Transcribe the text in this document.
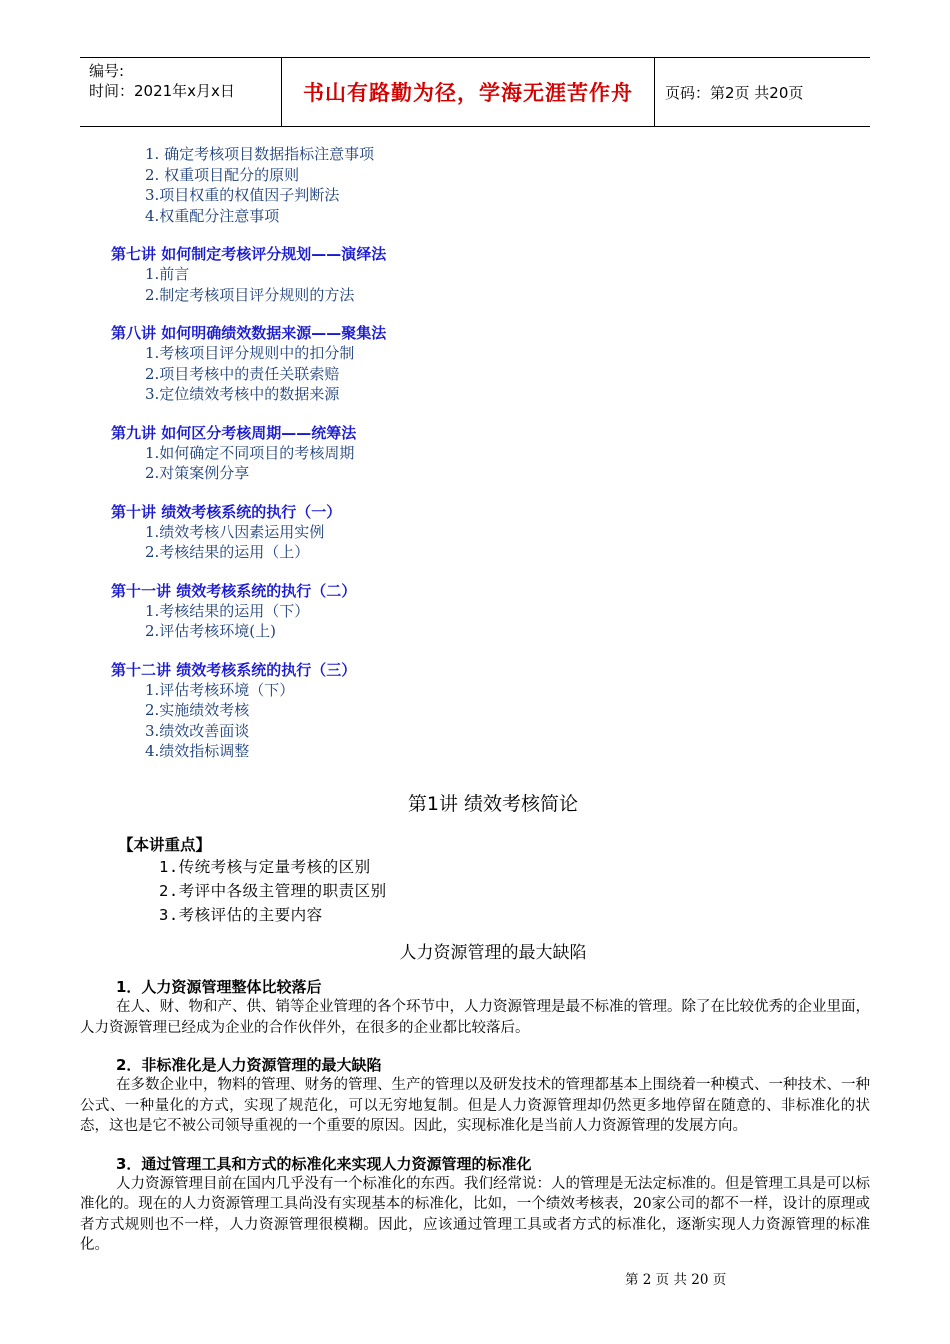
编号:
时间：2021年x月x日	书山有路勤为径，学海无涯苦作舟	页码：第2页 共20页
1. 确定考核项目数据指标注意事项
2. 权重项目配分的原则
3.项目权重的权值因子判断法
4.权重配分注意事项
第七讲 如何制定考核评分规划——演绎法
1.前言
2.制定考核项目评分规则的方法
第八讲 如何明确绩效数据来源——聚集法
1.考核项目评分规则中的扣分制
2.项目考核中的责任关联索赔
3.定位绩效考核中的数据来源
第九讲 如何区分考核周期——统筹法
1.如何确定不同项目的考核周期
2.对策案例分享
第十讲 绩效考核系统的执行（一）
1.绩效考核八因素运用实例
2.考核结果的运用（上）
第十一讲 绩效考核系统的执行（二）
1.考核结果的运用（下）
2.评估考核环境(上)
第十二讲 绩效考核系统的执行（三）
1.评估考核环境（下）
2.实施绩效考核
3.绩效改善面谈
4.绩效指标调整
第1讲 绩效考核简论
【本讲重点】
1.传统考核与定量考核的区别
2.考评中各级主管理的职责区别
3.考核评估的主要内容
人力资源管理的最大缺陷
1．人力资源管理整体比较落后
在人、财、物和产、供、销等企业管理的各个环节中，人力资源管理是最不标准的管理。除了在比较优秀的企业里面，人力资源管理已经成为企业的合作伙伴外，在很多的企业都比较落后。
2．非标准化是人力资源管理的最大缺陷
在多数企业中，物料的管理、财务的管理、生产的管理以及研发技术的管理都基本上围绕着一种模式、一种技术、一种公式、一种量化的方式，实现了规范化，可以无穷地复制。但是人力资源管理却仍然更多地停留在随意的、非标准化的状态，这也是它不被公司领导重视的一个重要的原因。因此，实现标准化是当前人力资源管理的发展方向。
3．通过管理工具和方式的标准化来实现人力资源管理的标准化
人力资源管理目前在国内几乎没有一个标准化的东西。我们经常说：人的管理是无法定标准的。但是管理工具是可以标准化的。现在的人力资源管理工具尚没有实现基本的标准化，比如，一个绩效考核表，20家公司的都不一样，设计的原理或者方式规则也不一样，人力资源管理很模糊。因此，应该通过管理工具或者方式的标准化，逐渐实现人力资源管理的标准化。
第 2 页 共 20 页
